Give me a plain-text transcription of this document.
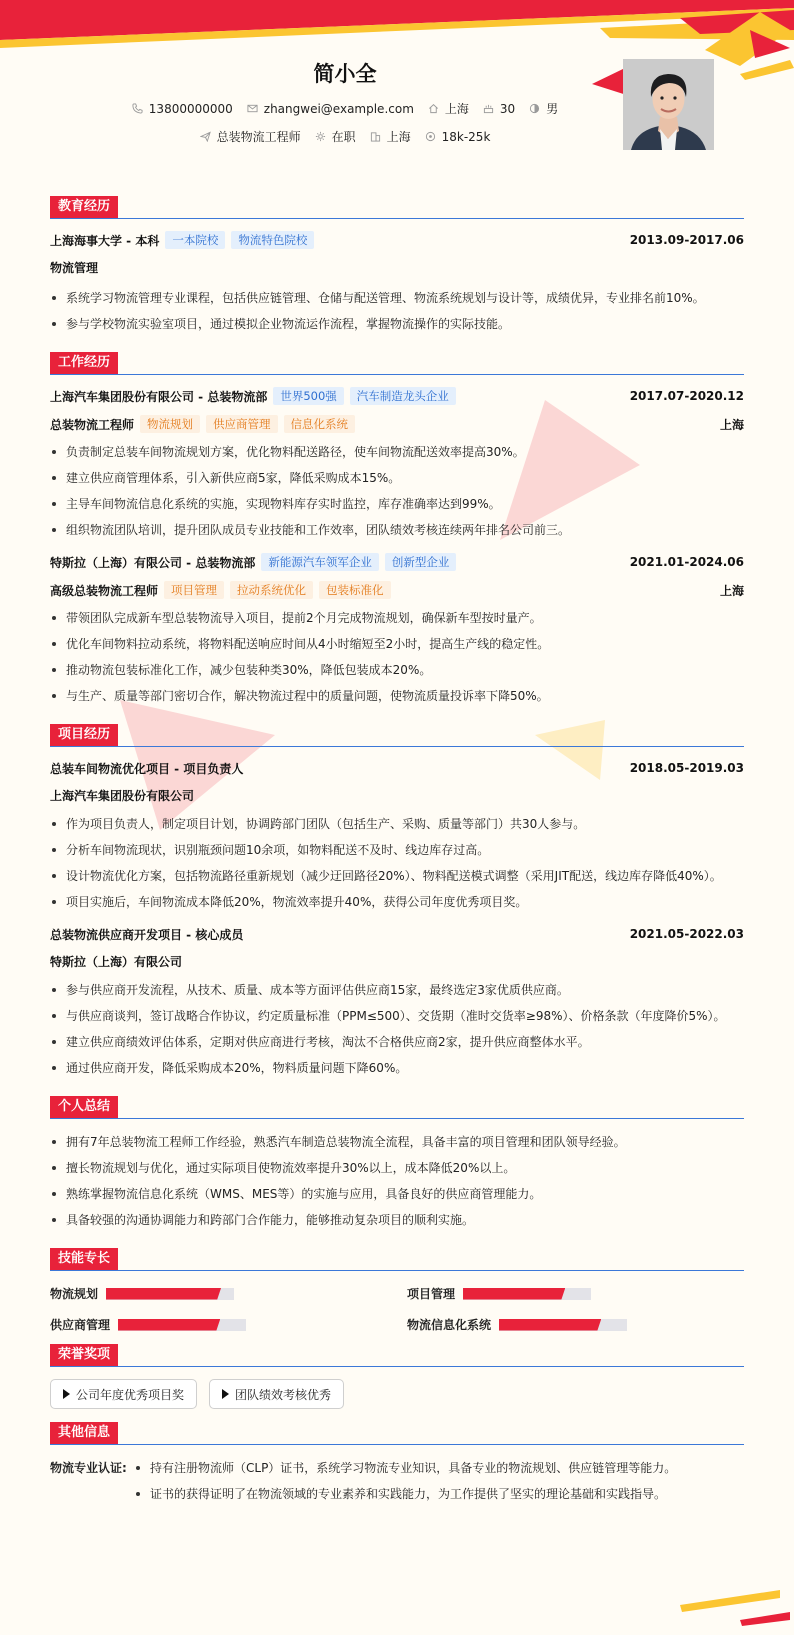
简小全
13800000000	zhangwei@example.com	上海	30	男
总装物流工程师	在职	上海	18k-25k
教育经历
上海海事大学 - 本科	一本院校	物流特色院校	2013.09-2017.06
物流管理
系统学习物流管理专业课程，包括供应链管理、仓储与配送管理、物流系统规划与设计等，成绩优异，专业排名前10%。
参与学校物流实验室项目，通过模拟企业物流运作流程，掌握物流操作的实际技能。
工作经历
上海汽车集团股份有限公司 - 总装物流部	世界500强	汽车制造龙头企业	2017.07-2020.12
总装物流工程师	物流规划	供应商管理	信息化系统	上海
负责制定总装车间物流规划方案，优化物料配送路径，使车间物流配送效率提高30%。
建立供应商管理体系，引入新供应商5家，降低采购成本15%。
主导车间物流信息化系统的实施，实现物料库存实时监控，库存准确率达到99%。
组织物流团队培训，提升团队成员专业技能和工作效率，团队绩效考核连续两年排名公司前三。
特斯拉（上海）有限公司 - 总装物流部	新能源汽车领军企业	创新型企业	2021.01-2024.06
高级总装物流工程师	项目管理	拉动系统优化	包装标准化	上海
带领团队完成新车型总装物流导入项目，提前2个月完成物流规划，确保新车型按时量产。
优化车间物料拉动系统，将物料配送响应时间从4小时缩短至2小时，提高生产线的稳定性。
推动物流包装标准化工作，减少包装种类30%，降低包装成本20%。
与生产、质量等部门密切合作，解决物流过程中的质量问题，使物流质量投诉率下降50%。
项目经历
总装车间物流优化项目 - 项目负责人	2018.05-2019.03
上海汽车集团股份有限公司
作为项目负责人，制定项目计划，协调跨部门团队（包括生产、采购、质量等部门）共30人参与。
分析车间物流现状，识别瓶颈问题10余项，如物料配送不及时、线边库存过高。
设计物流优化方案，包括物流路径重新规划（减少迂回路径20%）、物料配送模式调整（采用JIT配送，线边库存降低40%）。
项目实施后，车间物流成本降低20%，物流效率提升40%，获得公司年度优秀项目奖。
总装物流供应商开发项目 - 核心成员	2021.05-2022.03
特斯拉（上海）有限公司
参与供应商开发流程，从技术、质量、成本等方面评估供应商15家，最终选定3家优质供应商。
与供应商谈判，签订战略合作协议，约定质量标准（PPM≤500）、交货期（准时交货率≥98%）、价格条款（年度降价5%）。
建立供应商绩效评估体系，定期对供应商进行考核，淘汰不合格供应商2家，提升供应商整体水平。
通过供应商开发，降低采购成本20%，物料质量问题下降60%。
个人总结
拥有7年总装物流工程师工作经验，熟悉汽车制造总装物流全流程，具备丰富的项目管理和团队领导经验。
擅长物流规划与优化，通过实际项目使物流效率提升30%以上，成本降低20%以上。
熟练掌握物流信息化系统（WMS、MES等）的实施与应用，具备良好的供应商管理能力。
具备较强的沟通协调能力和跨部门合作能力，能够推动复杂项目的顺利实施。
技能专长
物流规划	项目管理
供应商管理	物流信息化系统
荣誉奖项
公司年度优秀项目奖	团队绩效考核优秀
其他信息
物流专业认证:	持有注册物流师（CLP）证书，系统学习物流专业知识，具备专业的物流规划、供应链管理等能力。
证书的获得证明了在物流领域的专业素养和实践能力，为工作提供了坚实的理论基础和实践指导。
